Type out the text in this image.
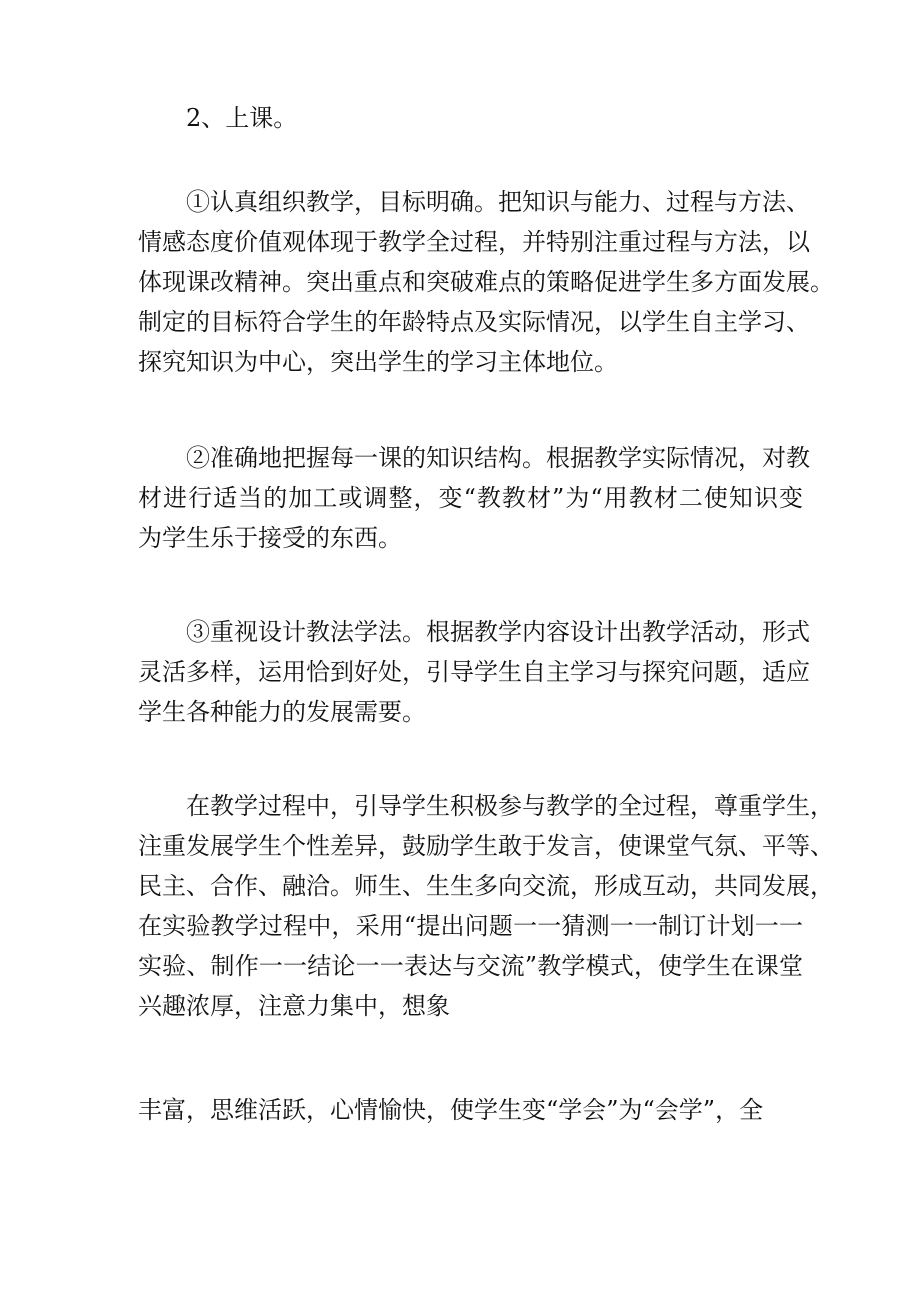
2、上课。
①认真组织教学，目标明确。把知识与能力、过程与方法、
情感态度价值观体现于教学全过程，并特别注重过程与方法，以
体现课改精神。突出重点和突破难点的策略促进学生多方面发展。
制定的目标符合学生的年龄特点及实际情况，以学生自主学习、
探究知识为中心，突出学生的学习主体地位。
②准确地把握每一课的知识结构。根据教学实际情况，对教
材进行适当的加工或调整，变“教教材”为“用教材二使知识变
为学生乐于接受的东西。
③重视设计教法学法。根据教学内容设计出教学活动，形式
灵活多样，运用恰到好处，引导学生自主学习与探究问题，适应
学生各种能力的发展需要。
在教学过程中，引导学生积极参与教学的全过程，尊重学生，
注重发展学生个性差异，鼓励学生敢于发言，使课堂气氛、平等、
民主、合作、融洽。师生、生生多向交流，形成互动，共同发展，
在实验教学过程中，采用“提出问题一一猜测一一制订计划一一
实验、制作一一结论一一表达与交流”教学模式，使学生在课堂
兴趣浓厚，注意力集中，想象
丰富，思维活跃，心情愉快，使学生变“学会”为“会学”，全
